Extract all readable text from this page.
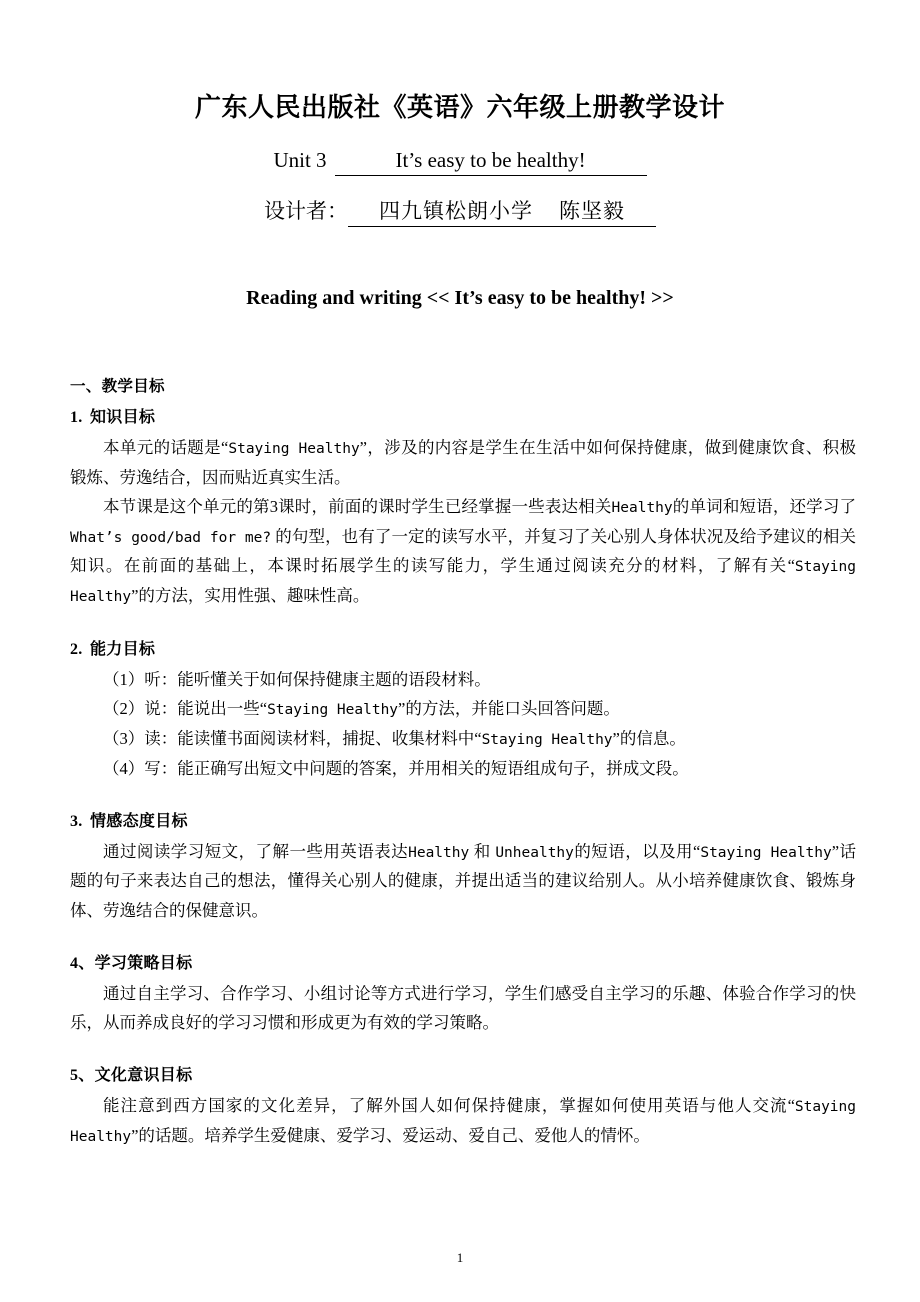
广东人民出版社《英语》六年级上册教学设计
Unit 3	It’s easy to be healthy!
设计者： 四九镇松朗小学 陈坚毅
Reading and writing << It’s easy to be healthy! >>
一、教学目标
1. 知识目标

本单元的话题是“Staying Healthy”，涉及的内容是学生在生活中如何保持健康，做到健康饮食、积极锻炼、劳逸结合，因而贴近真实生活。

本节课是这个单元的第3课时，前面的课时学生已经掌握一些表达相关Healthy的单词和短语，还学习了What’s good/bad for me? 的句型，也有了一定的读写水平，并复习了关心别人身体状况及给予建议的相关知识。在前面的基础上，本课时拓展学生的读写能力，学生通过阅读充分的材料，了解有关“Staying Healthy”的方法，实用性强、趣味性高。

2. 能力目标

（1）听：能听懂关于如何保持健康主题的语段材料。

（2）说：能说出一些“Staying Healthy”的方法，并能口头回答问题。

（3）读：能读懂书面阅读材料，捕捉、收集材料中“Staying Healthy”的信息。

（4）写：能正确写出短文中问题的答案，并用相关的短语组成句子，拼成文段。

3. 情感态度目标

通过阅读学习短文，了解一些用英语表达Healthy 和 Unhealthy的短语，以及用“Staying Healthy”话题的句子来表达自己的想法，懂得关心别人的健康，并提出适当的建议给别人。从小培养健康饮食、锻炼身体、劳逸结合的保健意识。

4、学习策略目标

通过自主学习、合作学习、小组讨论等方式进行学习，学生们感受自主学习的乐趣、体验合作学习的快乐，从而养成良好的学习习惯和形成更为有效的学习策略。

5、文化意识目标

能注意到西方国家的文化差异，了解外国人如何保持健康，掌握如何使用英语与他人交流“Staying Healthy”的话题。培养学生爱健康、爱学习、爱运动、爱自己、爱他人的情怀。

1
